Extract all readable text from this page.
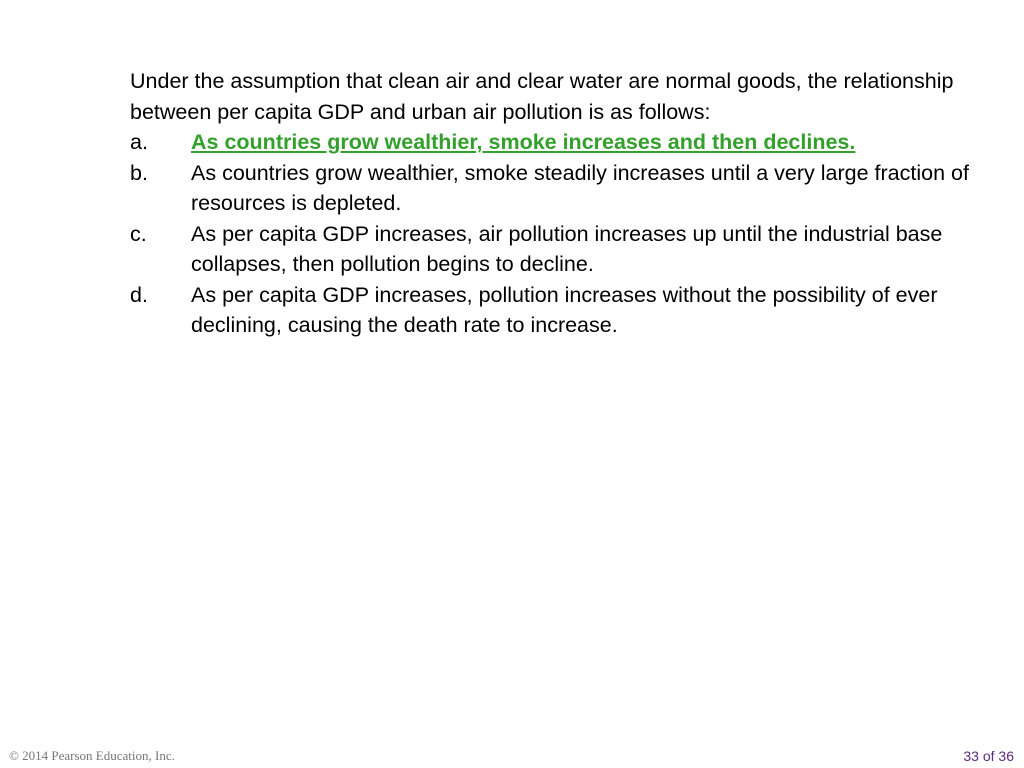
Under the assumption that clean air and clear water are normal goods, the relationship between per capita GDP and urban air pollution is as follows:

a.	As countries grow wealthier, smoke increases and then declines.
b.	As countries grow wealthier, smoke steadily increases until a very large fraction of resources is depleted.
c.	As per capita GDP increases, air pollution increases up until the industrial base collapses, then pollution begins to decline.
d.	As per capita GDP increases, pollution increases without the possibility of ever declining, causing the death rate to increase.
© 2014 Pearson Education, Inc.	33 of 36
